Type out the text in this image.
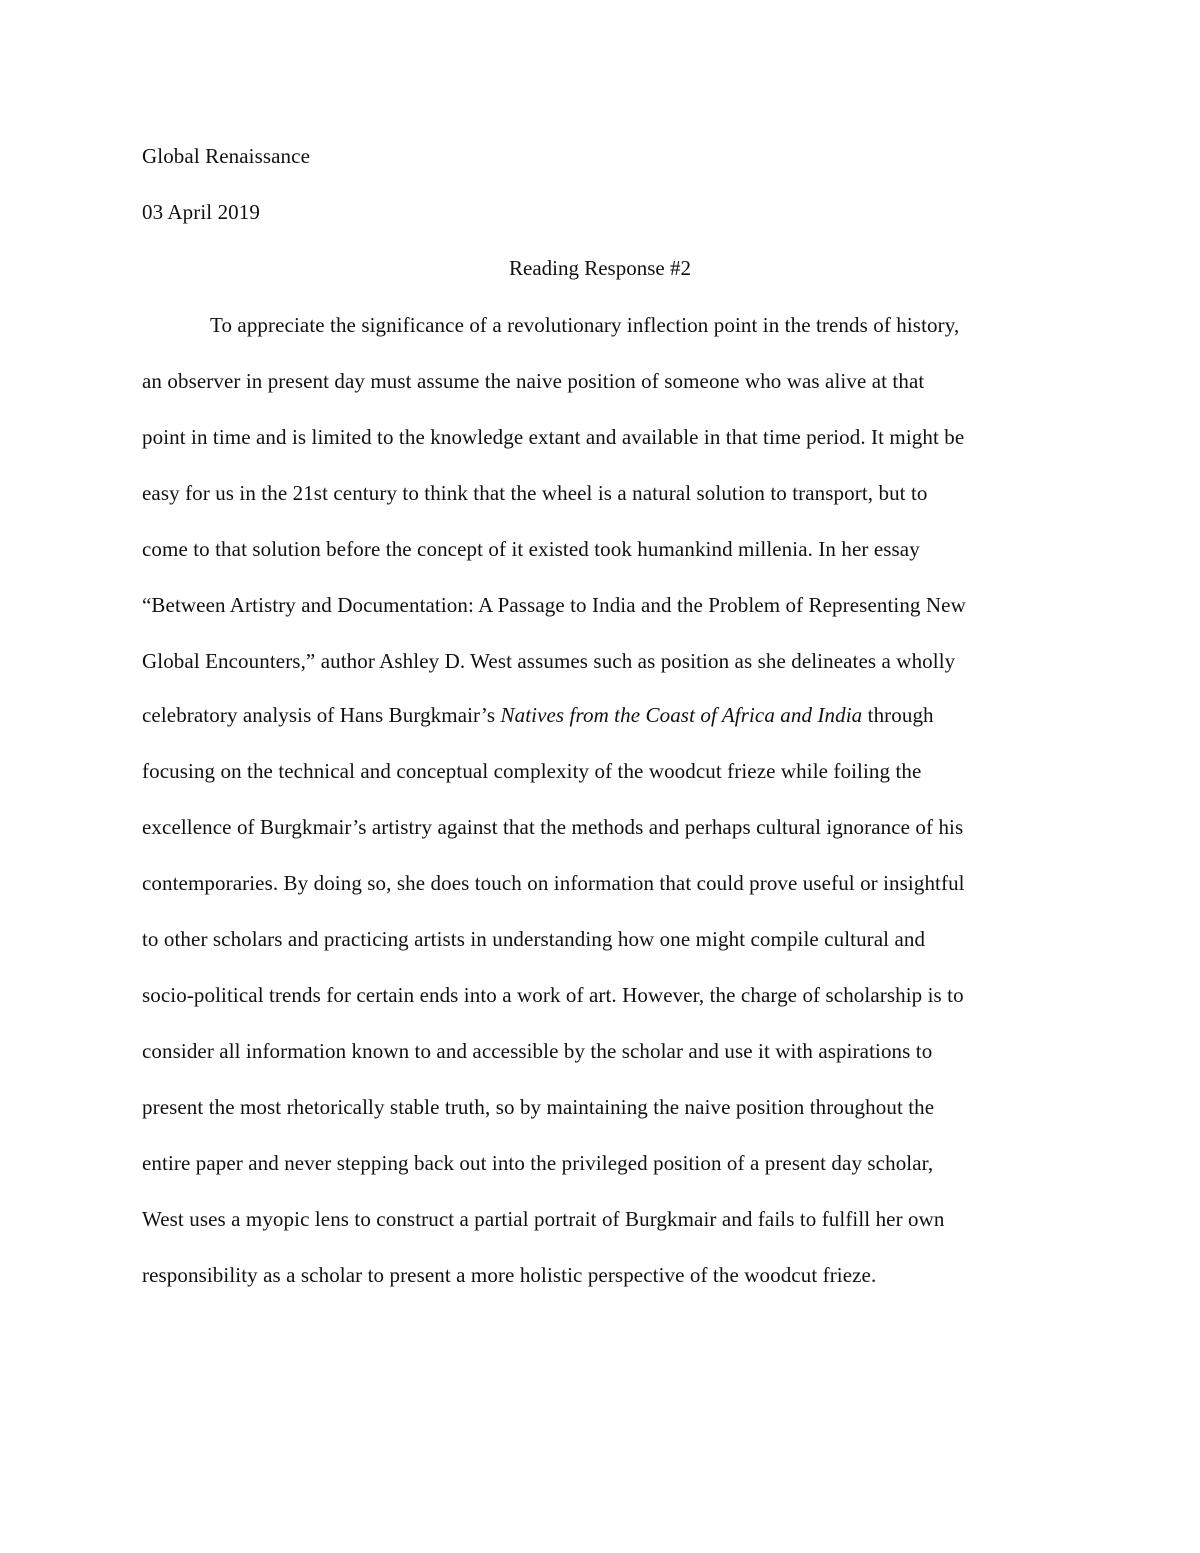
Global Renaissance
03 April 2019
Reading Response #2
To appreciate the significance of a revolutionary inflection point in the trends of history,
an observer in present day must assume the naive position of someone who was alive at that
point in time and is limited to the knowledge extant and available in that time period. It might be
easy for us in the 21st century to think that the wheel is a natural solution to transport, but to
come to that solution before the concept of it existed took humankind millenia. In her essay
“Between Artistry and Documentation: A Passage to India and the Problem of Representing New
Global Encounters,” author Ashley D. West assumes such as position as she delineates a wholly
celebratory analysis of Hans Burgkmair’s Natives from the Coast of Africa and India through
focusing on the technical and conceptual complexity of the woodcut frieze while foiling the
excellence of Burgkmair’s artistry against that the methods and perhaps cultural ignorance of his
contemporaries. By doing so, she does touch on information that could prove useful or insightful
to other scholars and practicing artists in understanding how one might compile cultural and
socio-political trends for certain ends into a work of art. However, the charge of scholarship is to
consider all information known to and accessible by the scholar and use it with aspirations to
present the most rhetorically stable truth, so by maintaining the naive position throughout the
entire paper and never stepping back out into the privileged position of a present day scholar,
West uses a myopic lens to construct a partial portrait of Burgkmair and fails to fulfill her own
responsibility as a scholar to present a more holistic perspective of the woodcut frieze.
